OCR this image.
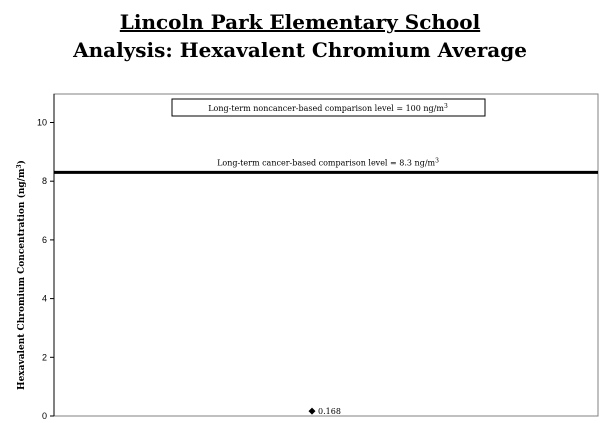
Lincoln Park Elementary School
Analysis: Hexavalent Chromium Average
0
2
4
6
8
10
Hexavalent Chromium Concentration $(ng/m^3)$
Long-term noncancer-based comparison level = 100 $ng/m^3$
Long-term cancer-based comparison level = 8.3 $ng/m^3$
0.168
